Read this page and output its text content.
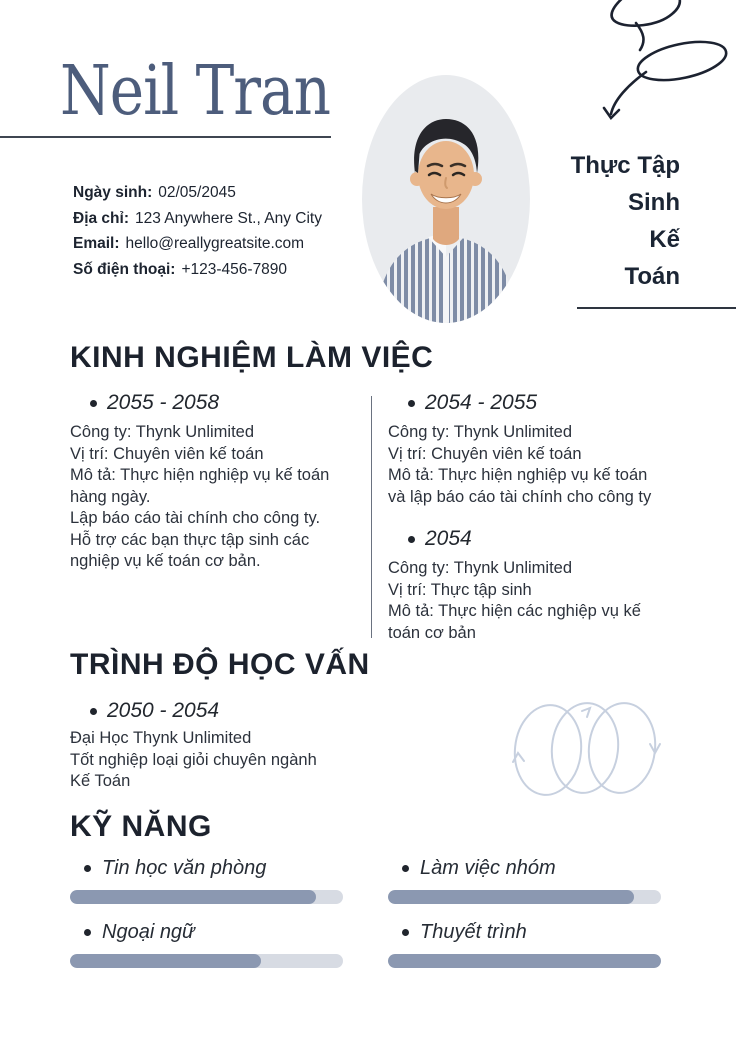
Neil Tran
Ngày sinh: 02/05/2045
Địa chỉ: 123 Anywhere St., Any City
Email: hello@reallygreatsite.com
Số điện thoại: +123-456-7890
Thực Tập
Sinh
Kế
Toán
KINH NGHIỆM LÀM VIỆC
2055 - 2058
Công ty: Thynk Unlimited
Vị trí: Chuyên viên kế toán
Mô tả: Thực hiện nghiệp vụ kế toán
hàng ngày.
Lập báo cáo tài chính cho công ty.
Hỗ trợ các bạn thực tập sinh các
nghiệp vụ kế toán cơ bản.
2054 - 2055
Công ty: Thynk Unlimited
Vị trí: Chuyên viên kế toán
Mô tả: Thực hiện nghiệp vụ kế toán
và lập báo cáo tài chính cho công ty
2054
Công ty: Thynk Unlimited
Vị trí: Thực tập sinh
Mô tả: Thực hiện các nghiệp vụ kế
toán cơ bản
TRÌNH ĐỘ HỌC VẤN
2050 - 2054
Đại Học Thynk Unlimited
Tốt nghiệp loại giỏi chuyên ngành
Kế Toán
KỸ NĂNG
Tin học văn phòng	Làm việc nhóm
Ngoại ngữ	Thuyết trình
